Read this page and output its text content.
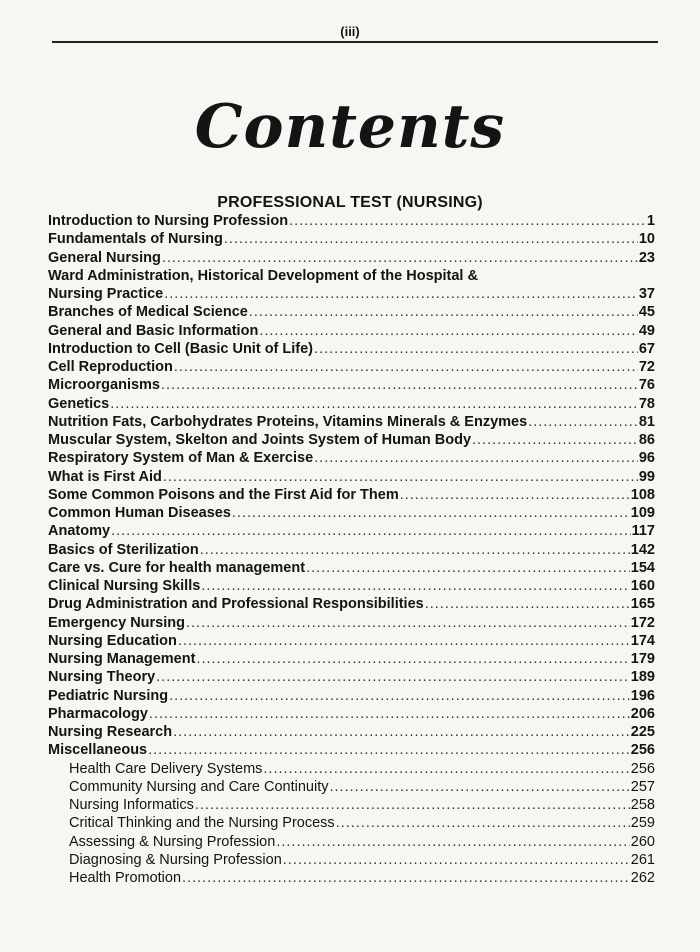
(iii)
Contents
PROFESSIONAL TEST (NURSING)
Introduction to Nursing Profession .....	1
Fundamentals of Nursing .....	10
General Nursing .....	23
Ward Administration, Historical Development of the Hospital &
Nursing Practice .....	37
Branches of Medical Science .....	45
General and Basic Information .....	49
Introduction to Cell (Basic Unit of Life) .....	67
Cell Reproduction .....	72
Microorganisms .....	76
Genetics .....	78
Nutrition Fats, Carbohydrates Proteins, Vitamins Minerals & Enzymes .....	81
Muscular System, Skelton and Joints System of Human Body .....	86
Respiratory System of Man & Exercise .....	96
What is First Aid .....	99
Some Common Poisons and the First Aid for Them .....	108
Common Human Diseases .....	109
Anatomy .....	117
Basics of Sterilization .....	142
Care vs. Cure for health management .....	154
Clinical Nursing Skills .....	160
Drug Administration and Professional Responsibilities .....	165
Emergency Nursing .....	172
Nursing Education .....	174
Nursing Management .....	179
Nursing Theory .....	189
Pediatric Nursing .....	196
Pharmacology .....	206
Nursing Research .....	225
Miscellaneous .....	256
Health Care Delivery Systems .....	256
Community Nursing and Care Continuity .....	257
Nursing Informatics .....	258
Critical Thinking and the Nursing Process .....	259
Assessing & Nursing Profession .....	260
Diagnosing & Nursing Profession .....	261
Health Promotion .....	262
